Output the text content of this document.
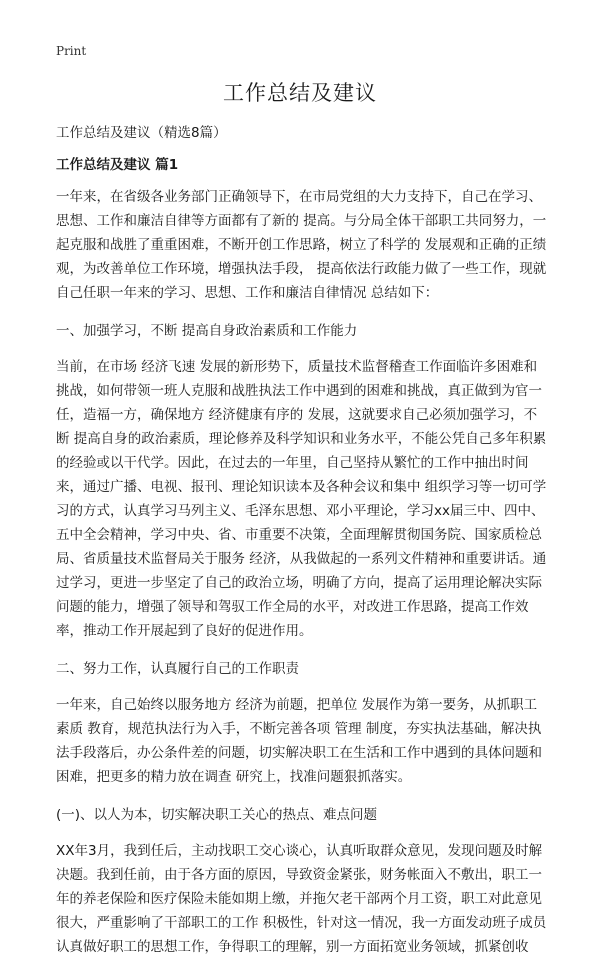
Print
工作总结及建议

工作总结及建议（精选8篇）

工作总结及建议 篇1

一年来，在省级各业务部门正确领导下，在市局党组的大力支持下，自己在学习、思想、工作和廉洁自律等方面都有了新的 提高。与分局全体干部职工共同努力，一起克服和战胜了重重困难，不断开创工作思路，树立了科学的 发展观和正确的正绩观，为改善单位工作环境，增强执法手段， 提高依法行政能力做了一些工作，现就自己任职一年来的学习、思想、工作和廉洁自律情况 总结如下：

一、加强学习，不断 提高自身政治素质和工作能力

当前，在市场 经济飞速 发展的新形势下，质量技术监督稽查工作面临许多困难和挑战，如何带领一班人克服和战胜执法工作中遇到的困难和挑战，真正做到为官一任，造福一方，确保地方 经济健康有序的 发展，这就要求自己必须加强学习，不断 提高自身的政治素质，理论修养及科学知识和业务水平，不能公凭自己多年积累的经验或以干代学。因此，在过去的一年里，自己坚持从繁忙的工作中抽出时间来，通过广播、电视、报刊、理论知识读本及各种会议和集中 组织学习等一切可学习的方式，认真学习马列主义、毛泽东思想、邓小平理论，学习xx届三中、四中、五中全会精神，学习中央、省、市重要不决策，全面理解贯彻国务院、国家质检总局、省质量技术监督局关于服务 经济，从我做起的一系列文件精神和重要讲话。通过学习，更进一步坚定了自己的政治立场，明确了方向，提高了运用理论解决实际问题的能力，增强了领导和驾驭工作全局的水平，对改进工作思路，提高工作效率，推动工作开展起到了良好的促进作用。

二、努力工作，认真履行自己的工作职责

一年来，自己始终以服务地方 经济为前题，把单位 发展作为第一要务，从抓职工素质 教育，规范执法行为入手，不断完善各项 管理 制度，夯实执法基础，解决执法手段落后，办公条件差的问题，切实解决职工在生活和工作中遇到的具体问题和困难，把更多的精力放在调查 研究上，找准问题狠抓落实。

(一)、以人为本，切实解决职工关心的热点、难点问题

XX年3月，我到任后，主动找职工交心谈心，认真听取群众意见，发现问题及时解决题。我到任前，由于各方面的原因，导致资金紧张，财务帐面入不敷出，职工一年的养老保险和医疗保险未能如期上缴，并拖欠老干部两个月工资，职工对此意见很大，严重影响了干部职工的工作 积极性，针对这一情况，我一方面发动班子成员认真做好职工的思想工作，争得职工的理解，别一方面拓宽业务领域，抓紧创收
